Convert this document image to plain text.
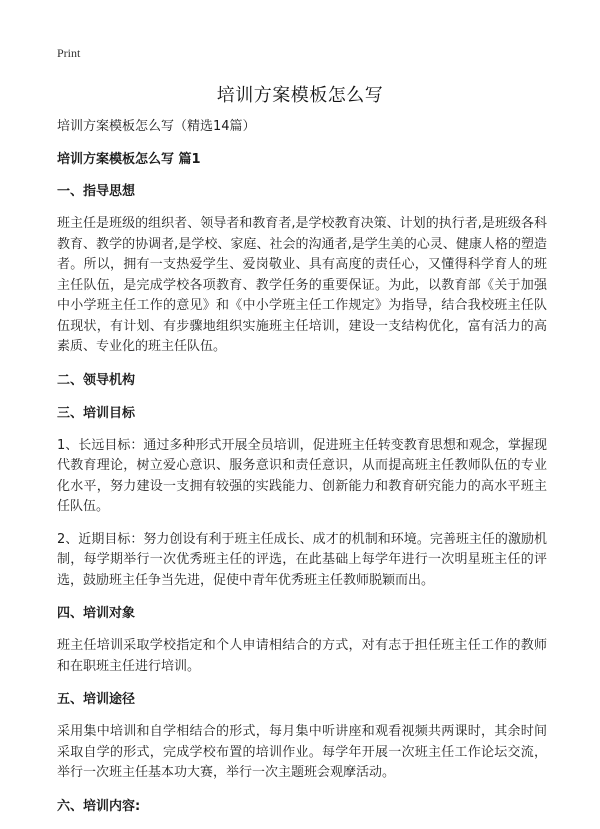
Print
培训方案模板怎么写
培训方案模板怎么写（精选14篇）
培训方案模板怎么写 篇1
一、指导思想

班主任是班级的组织者、领导者和教育者,是学校教育决策、计划的执行者,是班级各科教育、教学的协调者,是学校、家庭、社会的沟通者,是学生美的心灵、健康人格的塑造者。所以，拥有一支热爱学生、爱岗敬业、具有高度的责任心，又懂得科学育人的班主任队伍，是完成学校各项教育、教学任务的重要保证。为此，以教育部《关于加强中小学班主任工作的意见》和《中小学班主任工作规定》为指导，结合我校班主任队伍现状，有计划、有步骤地组织实施班主任培训，建设一支结构优化，富有活力的高素质、专业化的班主任队伍。

二、领导机构
三、培训目标

1、长远目标：通过多种形式开展全员培训，促进班主任转变教育思想和观念，掌握现代教育理论，树立爱心意识、服务意识和责任意识，从而提高班主任教师队伍的专业化水平，努力建设一支拥有较强的实践能力、创新能力和教育研究能力的高水平班主任队伍。

2、近期目标：努力创设有利于班主任成长、成才的机制和环境。完善班主任的激励机制，每学期举行一次优秀班主任的评选，在此基础上每学年进行一次明星班主任的评选，鼓励班主任争当先进，促使中青年优秀班主任教师脱颖而出。

四、培训对象

班主任培训采取学校指定和个人申请相结合的方式，对有志于担任班主任工作的教师和在职班主任进行培训。

五、培训途径

采用集中培训和自学相结合的形式，每月集中听讲座和观看视频共两课时，其余时间采取自学的形式，完成学校布置的培训作业。每学年开展一次班主任工作论坛交流，举行一次班主任基本功大赛，举行一次主题班会观摩活动。

六、培训内容:
